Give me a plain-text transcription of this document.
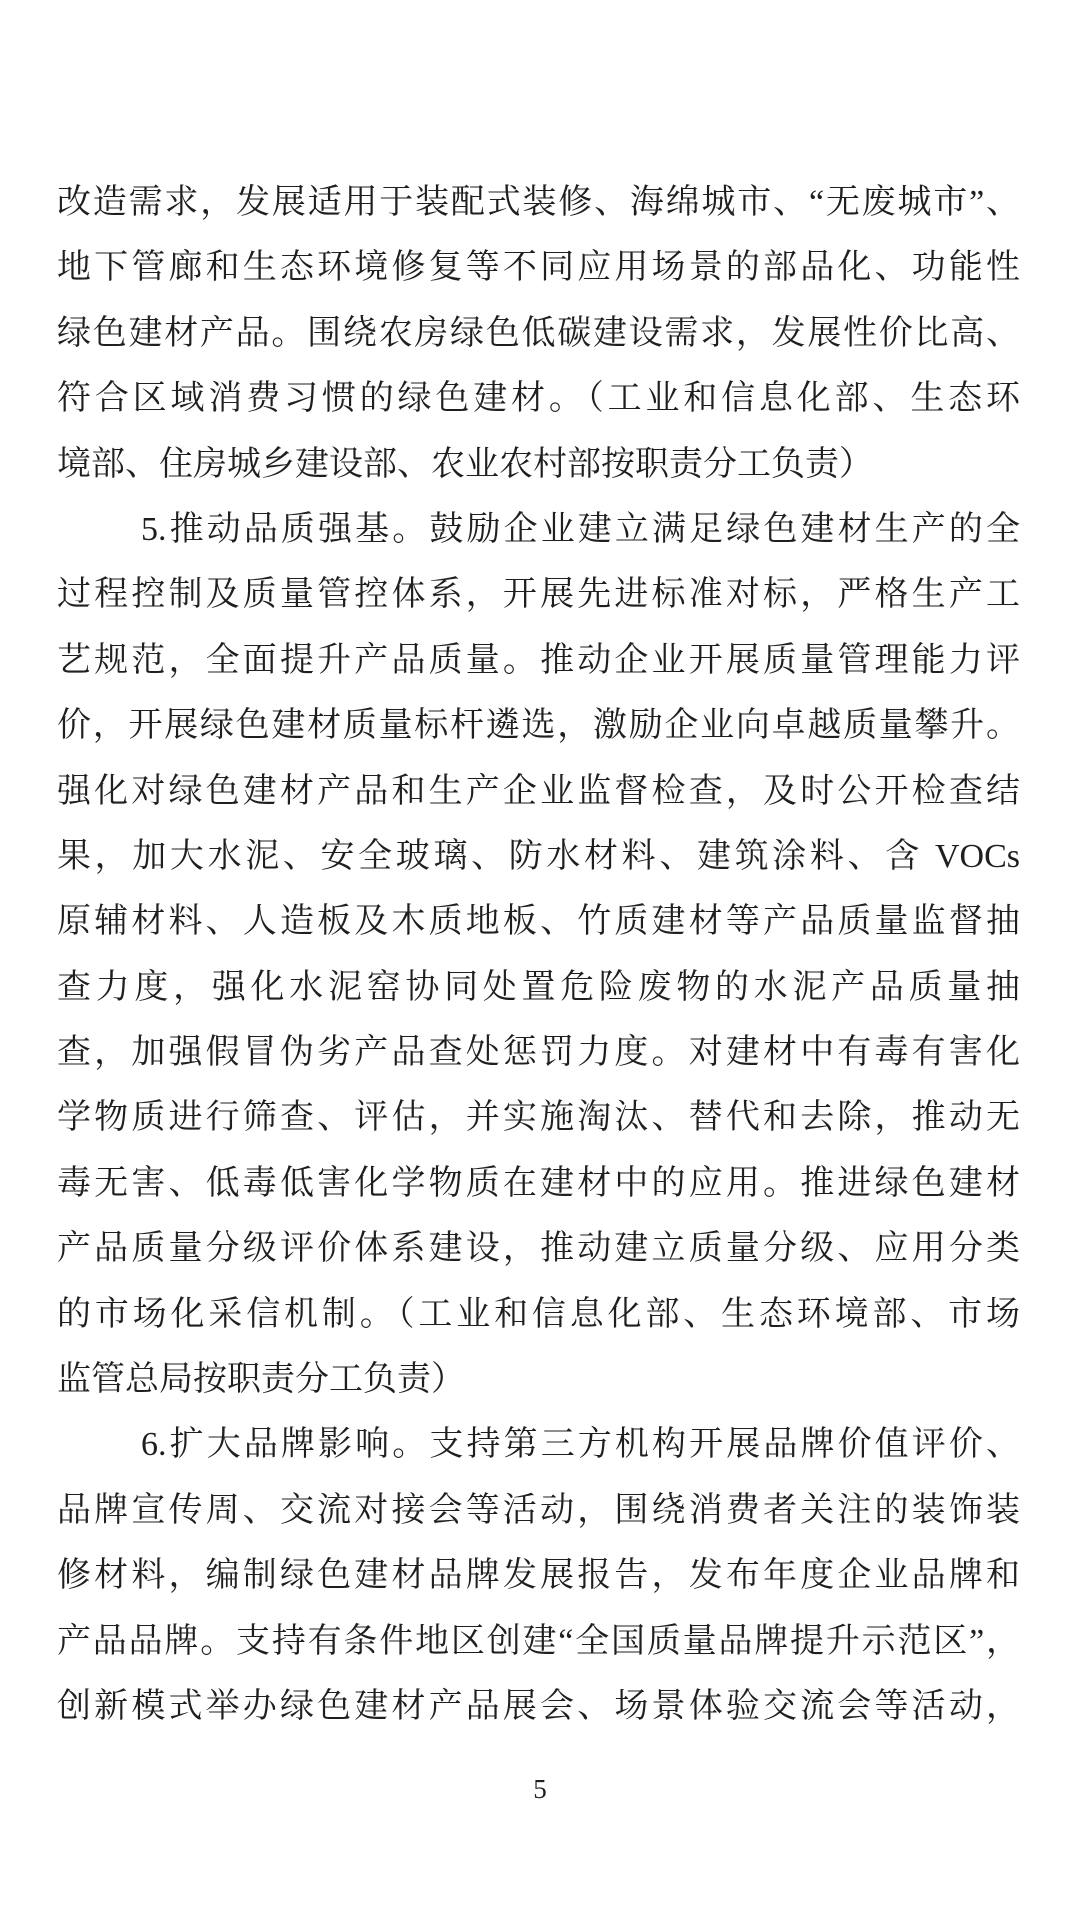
改造需求，发展适用于装配式装修、海绵城市、“无废城市”、
地下管廊和生态环境修复等不同应用场景的部品化、功能性
绿色建材产品。围绕农房绿色低碳建设需求，发展性价比高、
符合区域消费习惯的绿色建材。（工业和信息化部、生态环
境部、住房城乡建设部、农业农村部按职责分工负责）
5.推动品质强基。鼓励企业建立满足绿色建材生产的全
过程控制及质量管控体系，开展先进标准对标，严格生产工
艺规范，全面提升产品质量。推动企业开展质量管理能力评
价，开展绿色建材质量标杆遴选，激励企业向卓越质量攀升。
强化对绿色建材产品和生产企业监督检查，及时公开检查结
果，加大水泥、安全玻璃、防水材料、建筑涂料、含 VOCs
原辅材料、人造板及木质地板、竹质建材等产品质量监督抽
查力度，强化水泥窑协同处置危险废物的水泥产品质量抽
查，加强假冒伪劣产品查处惩罚力度。对建材中有毒有害化
学物质进行筛查、评估，并实施淘汰、替代和去除，推动无
毒无害、低毒低害化学物质在建材中的应用。推进绿色建材
产品质量分级评价体系建设，推动建立质量分级、应用分类
的市场化采信机制。（工业和信息化部、生态环境部、市场
监管总局按职责分工负责）
6.扩大品牌影响。支持第三方机构开展品牌价值评价、
品牌宣传周、交流对接会等活动，围绕消费者关注的装饰装
修材料，编制绿色建材品牌发展报告，发布年度企业品牌和
产品品牌。支持有条件地区创建“全国质量品牌提升示范区”，
创新模式举办绿色建材产品展会、场景体验交流会等活动，
5
